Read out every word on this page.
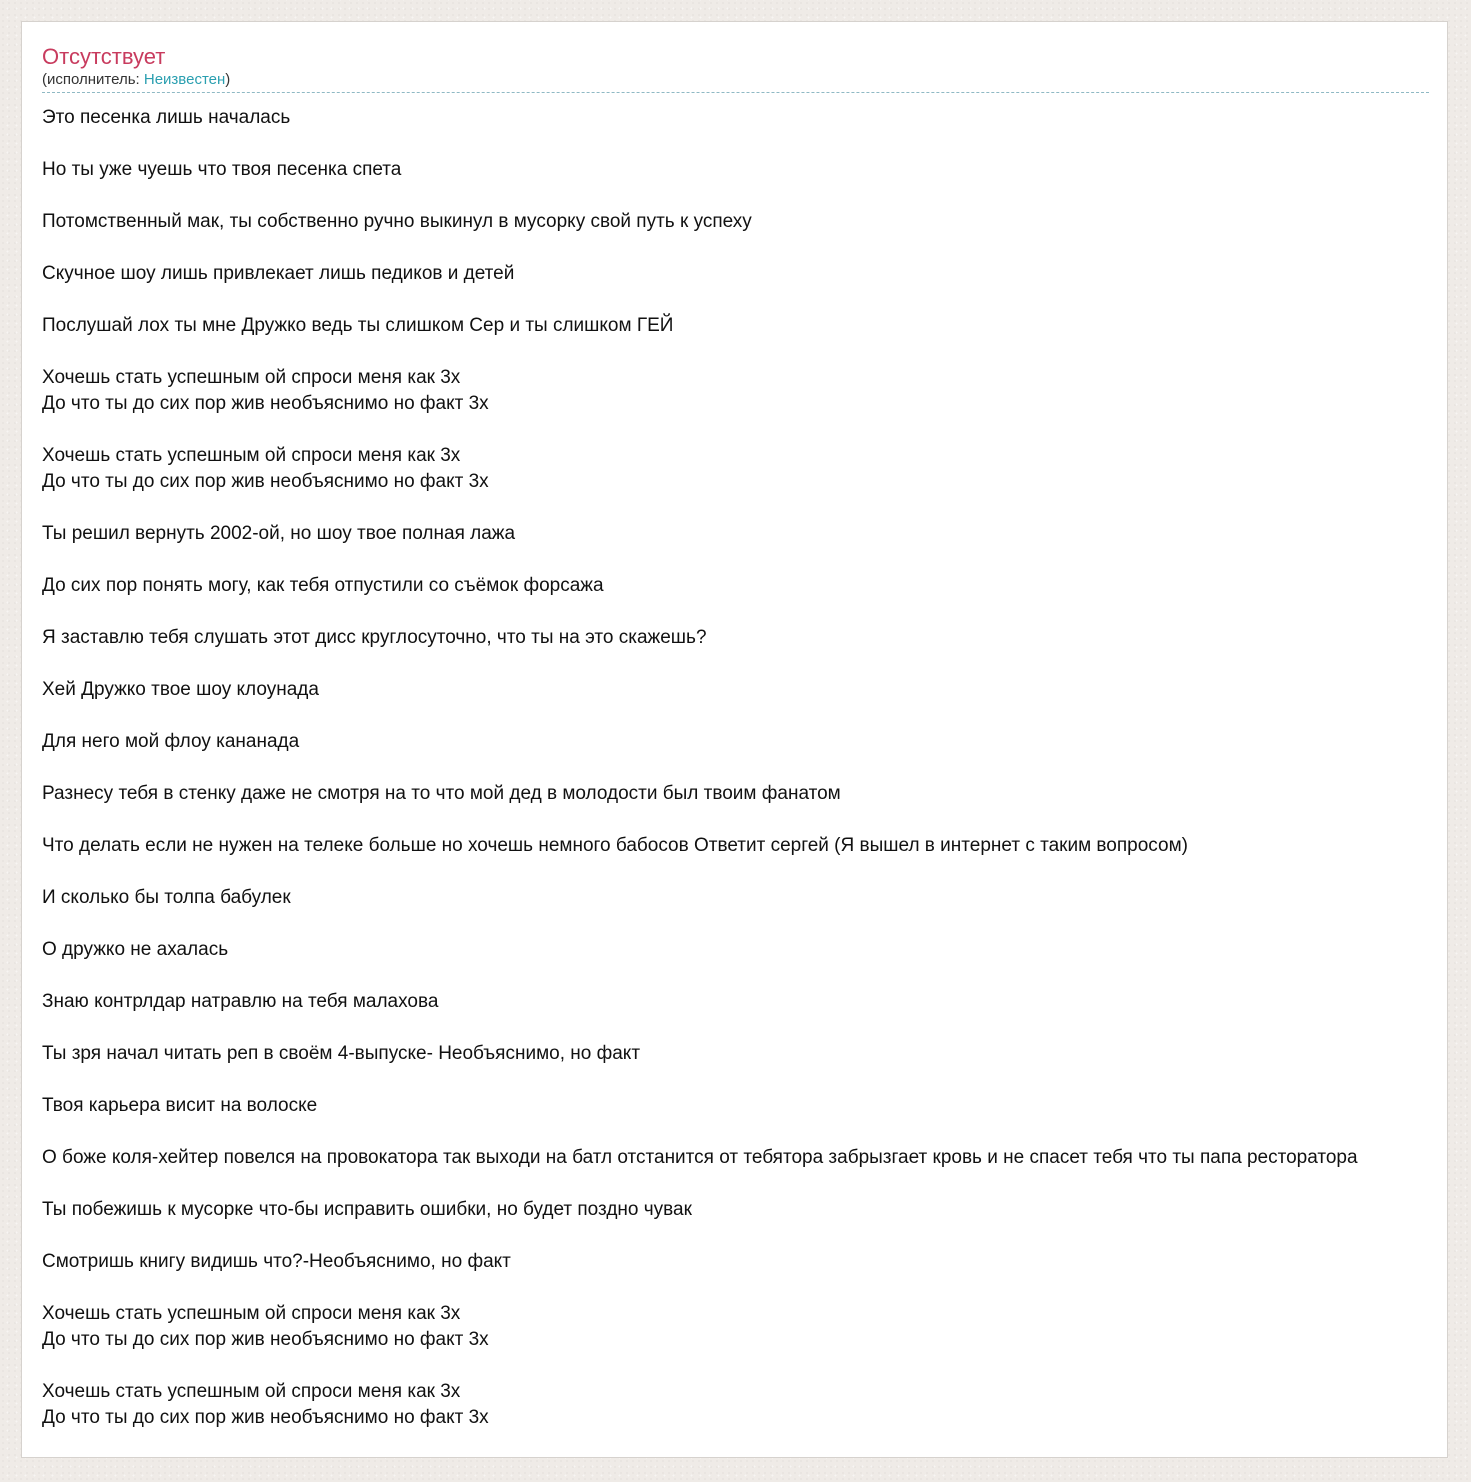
Отсутствует
(исполнитель: Неизвестен)
Это песенка лишь началась
Но ты уже чуешь что твоя песенка спета
Потомственный мак, ты собственно ручно выкинул в мусорку свой путь к успеху
Скучное шоу лишь привлекает лишь педиков и детей
Послушай лох ты мне Дружко ведь ты слишком Сер и ты слишком ГЕЙ
Хочешь стать успешным ой спроси меня как 3х
До что ты до сих пор жив необъяснимо но факт 3х
Хочешь стать успешным ой спроси меня как 3х
До что ты до сих пор жив необъяснимо но факт 3х
Ты решил вернуть 2002-ой, но шоу твое полная лажа
До сих пор понять могу, как тебя отпустили со съёмок форсажа
Я заставлю тебя слушать этот дисс круглосуточно, что ты на это скажешь?
Хей Дружко твое шоу клоунада
Для него мой флоу кананада
Разнесу тебя в стенку даже не смотря на то что мой дед в молодости был твоим фанатом
Что делать если не нужен на телеке больше но хочешь немного бабосов Ответит сергей (Я вышел в интернет с таким вопросом)
И сколько бы толпа бабулек
О дружко не ахалась
Знаю контрлдар натравлю на тебя малахова
Ты зря начал читать реп в своём 4-выпуске- Необъяснимо, но факт
Твоя карьера висит на волоске
О боже коля-хейтер повелся на провокатора так выходи на батл отстанится от тебятора забрызгает кровь и не спасет тебя что ты папа ресторатора
Ты побежишь к мусорке что-бы исправить ошибки, но будет поздно чувак
Смотришь книгу видишь что?-Необъяснимо, но факт
Хочешь стать успешным ой спроси меня как 3х
До что ты до сих пор жив необъяснимо но факт 3х
Хочешь стать успешным ой спроси меня как 3х
До что ты до сих пор жив необъяснимо но факт 3х
